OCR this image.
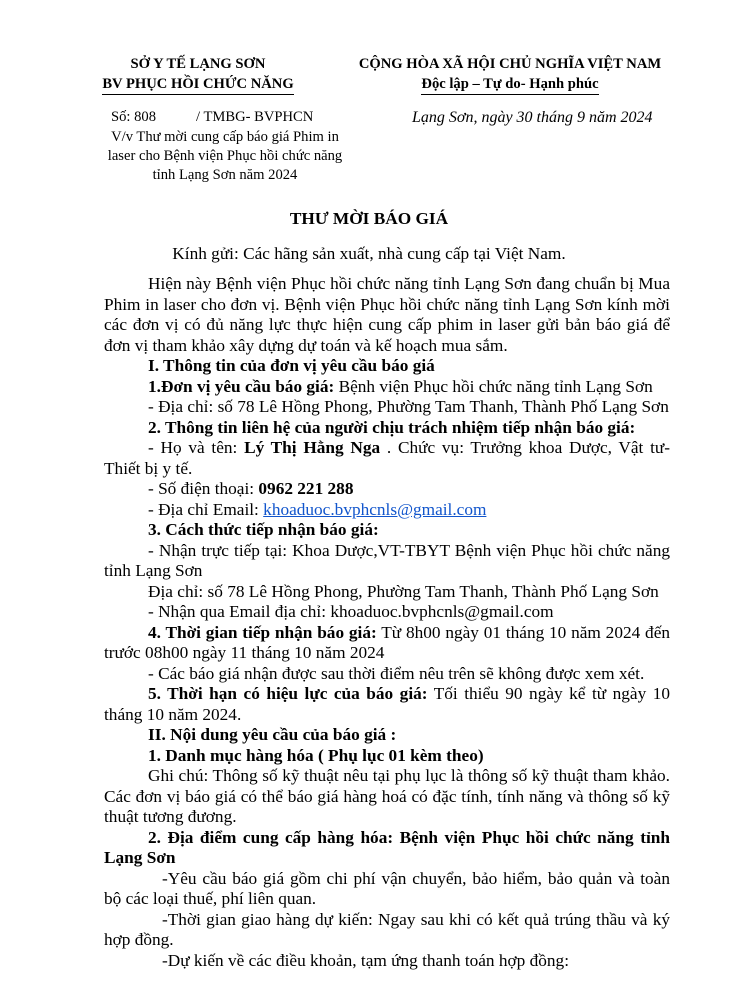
SỞ Y TẾ LẠNG SƠN
BV PHỤC HỒI CHỨC NĂNG
CỘNG HÒA XÃ HỘI CHỦ NGHĨA VIỆT NAM
Độc lập – Tự do- Hạnh phúc
Số: 808	/ TMBG- BVPHCN
V/v Thư mời cung cấp báo giá Phim in laser cho Bệnh viện Phục hồi chức năng tỉnh Lạng Sơn năm 2024
Lạng Sơn, ngày 30 tháng 9 năm 2024
THƯ MỜI BÁO GIÁ
Kính gửi: Các hãng sản xuất, nhà cung cấp tại Việt Nam.

Hiện này Bệnh viện Phục hồi chức năng tỉnh Lạng Sơn đang chuẩn bị Mua Phim in laser cho đơn vị. Bệnh viện Phục hồi chức năng tỉnh Lạng Sơn kính mời các đơn vị có đủ năng lực thực hiện cung cấp phim in laser gửi bản báo giá để đơn vị tham khảo xây dựng dự toán và kế hoạch mua sắm.

I. Thông tin của đơn vị yêu cầu báo giá

1.Đơn vị yêu cầu báo giá: Bệnh viện Phục hồi chức năng tỉnh Lạng Sơn

- Địa chỉ: số 78 Lê Hồng Phong, Phường Tam Thanh, Thành Phố Lạng Sơn

2. Thông tin liên hệ của người chịu trách nhiệm tiếp nhận báo giá:

- Họ và tên: Lý Thị Hằng Nga . Chức vụ: Trưởng khoa Dược, Vật tư- Thiết bị y tế.

- Số điện thoại: 0962 221 288

- Địa chỉ Email: khoaduoc.bvphcnls@gmail.com

3. Cách thức tiếp nhận báo giá:

- Nhận trực tiếp tại: Khoa Dược,VT-TBYT Bệnh viện Phục hồi chức năng tỉnh Lạng Sơn

Địa chỉ: số 78 Lê Hồng Phong, Phường Tam Thanh, Thành Phố Lạng Sơn

- Nhận qua Email địa chỉ: khoaduoc.bvphcnls@gmail.com

4. Thời gian tiếp nhận báo giá: Từ 8h00 ngày 01 tháng 10 năm 2024 đến trước 08h00 ngày 11 tháng 10 năm 2024

- Các báo giá nhận được sau thời điểm nêu trên sẽ không được xem xét.

5. Thời hạn có hiệu lực của báo giá: Tối thiểu 90 ngày kể từ ngày 10 tháng 10 năm 2024.

II. Nội dung yêu cầu của báo giá :

1. Danh mục hàng hóa ( Phụ lục 01 kèm theo)

Ghi chú: Thông số kỹ thuật nêu tại phụ lục là thông số kỹ thuật tham khảo. Các đơn vị báo giá có thể báo giá hàng hoá có đặc tính, tính năng và thông số kỹ thuật tương đương.

2. Địa điểm cung cấp hàng hóa: Bệnh viện Phục hồi chức năng tỉnh Lạng Sơn

-Yêu cầu báo giá gồm chi phí vận chuyển, bảo hiểm, bảo quản và toàn bộ các loại thuế, phí liên quan.

-Thời gian giao hàng dự kiến: Ngay sau khi có kết quả trúng thầu và ký hợp đồng.

-Dự kiến về các điều khoản, tạm ứng thanh toán hợp đồng:
